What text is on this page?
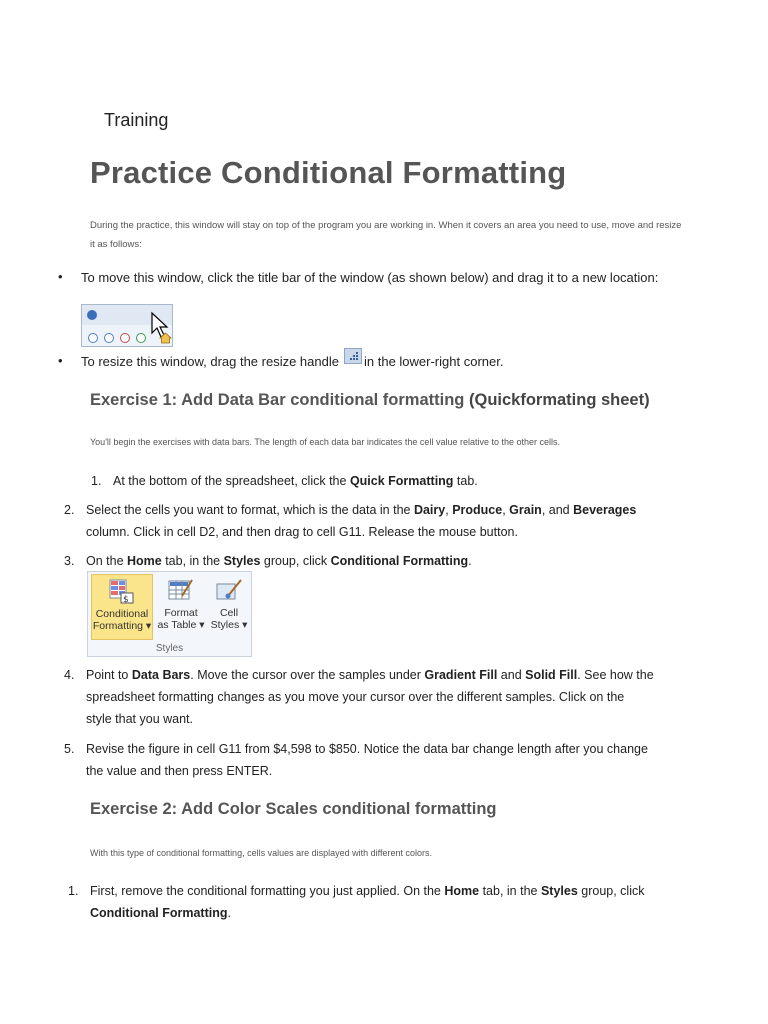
Training
Practice Conditional Formatting
During the practice, this window will stay on top of the program you are working in. When it covers an area you need to use, move and resize
it as follows:
• To move this window, click the title bar of the window (as shown below) and drag it to a new location:
• To resize this window, drag the resize handle in the lower-right corner.
Exercise 1: Add Data Bar conditional formatting (Quickformating sheet)
You'll begin the exercises with data bars. The length of each data bar indicates the cell value relative to the other cells.
1. At the bottom of the spreadsheet, click the Quick Formatting tab.
2. Select the cells you want to format, which is the data in the Dairy, Produce, Grain, and Beverages
column. Click in cell D2, and then drag to cell G11. Release the mouse button.
3. On the Home tab, in the Styles group, click Conditional Formatting.
$
Conditional
Formatting ▾
Format
as Table ▾
Cell
Styles ▾
Styles
4. Point to Data Bars. Move the cursor over the samples under Gradient Fill and Solid Fill. See how the
spreadsheet formatting changes as you move your cursor over the different samples. Click on the
style that you want.
5. Revise the figure in cell G11 from $4,598 to $850. Notice the data bar change length after you change
the value and then press ENTER.
Exercise 2: Add Color Scales conditional formatting
With this type of conditional formatting, cells values are displayed with different colors.
1. First, remove the conditional formatting you just applied. On the Home tab, in the Styles group, click
Conditional Formatting.
